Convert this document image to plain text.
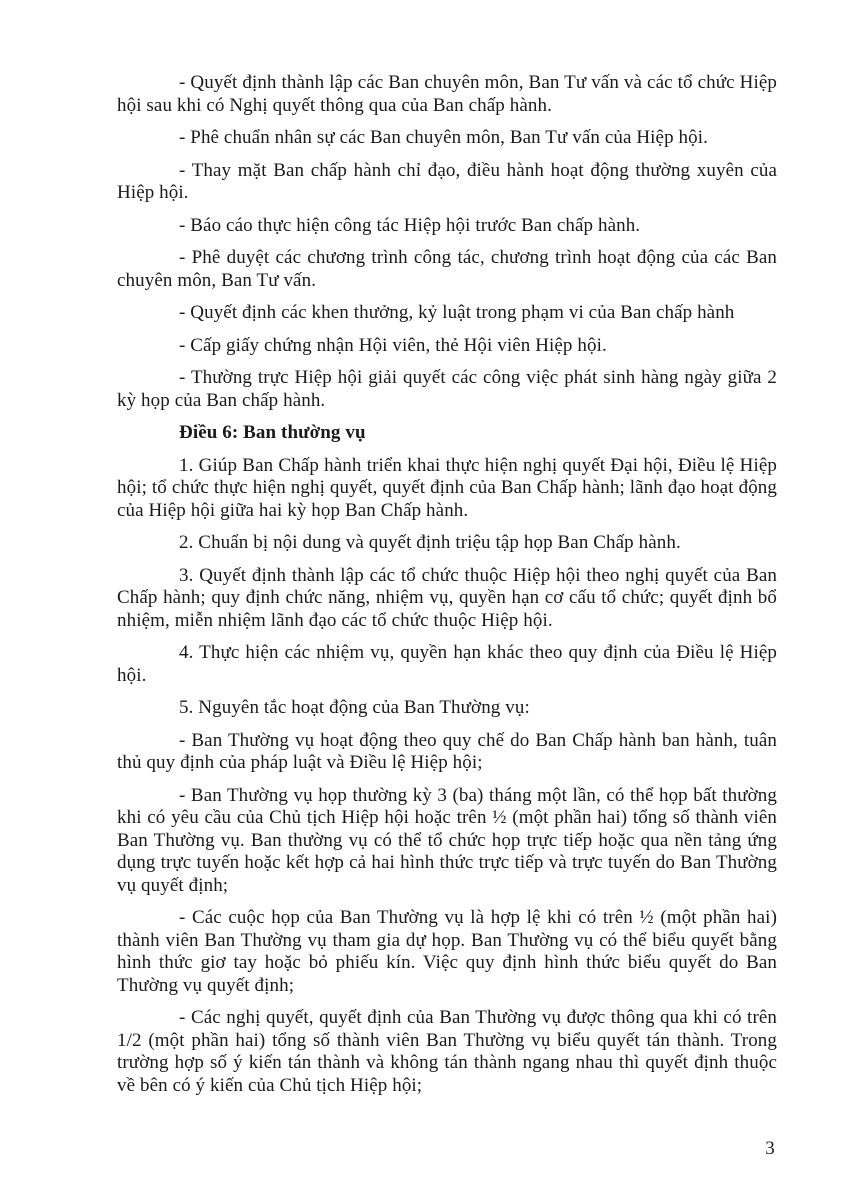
- Quyết định thành lập các Ban chuyên môn, Ban Tư vấn và các tổ chức Hiệp hội sau khi có Nghị quyết thông qua của Ban chấp hành.

- Phê chuẩn nhân sự các Ban chuyên môn, Ban Tư vấn của Hiệp hội.

- Thay mặt Ban chấp hành chỉ đạo, điều hành hoạt động thường xuyên của Hiệp hội.

- Báo cáo thực hiện công tác Hiệp hội trước Ban chấp hành.

- Phê duyệt các chương trình công tác, chương trình hoạt động của các Ban chuyên môn, Ban Tư vấn.

- Quyết định các khen thưởng, kỷ luật trong phạm vi của Ban chấp hành

- Cấp giấy chứng nhận Hội viên, thẻ Hội viên Hiệp hội.

- Thường trực Hiệp hội giải quyết các công việc phát sinh hàng ngày giữa 2 kỳ họp của Ban chấp hành.

Điều 6: Ban thường vụ

1. Giúp Ban Chấp hành triển khai thực hiện nghị quyết Đại hội, Điều lệ Hiệp hội; tổ chức thực hiện nghị quyết, quyết định của Ban Chấp hành; lãnh đạo hoạt động của Hiệp hội giữa hai kỳ họp Ban Chấp hành.

2. Chuẩn bị nội dung và quyết định triệu tập họp Ban Chấp hành.

3. Quyết định thành lập các tổ chức thuộc Hiệp hội theo nghị quyết của Ban Chấp hành; quy định chức năng, nhiệm vụ, quyền hạn cơ cấu tổ chức; quyết định bổ nhiệm, miễn nhiệm lãnh đạo các tổ chức thuộc Hiệp hội.

4. Thực hiện các nhiệm vụ, quyền hạn khác theo quy định của Điều lệ Hiệp hội.

5. Nguyên tắc hoạt động của Ban Thường vụ:

- Ban Thường vụ hoạt động theo quy chế do Ban Chấp hành ban hành, tuân thủ quy định của pháp luật và Điều lệ Hiệp hội;

- Ban Thường vụ họp thường kỳ 3 (ba) tháng một lần, có thể họp bất thường khi có yêu cầu của Chủ tịch Hiệp hội hoặc trên ½ (một phần hai) tổng số thành viên Ban Thường vụ. Ban thường vụ có thể tổ chức họp trực tiếp hoặc qua nền tảng ứng dụng trực tuyến hoặc kết hợp cả hai hình thức trực tiếp và trực tuyến do Ban Thường vụ quyết định;

- Các cuộc họp của Ban Thường vụ là hợp lệ khi có trên ½ (một phần hai) thành viên Ban Thường vụ tham gia dự họp. Ban Thường vụ có thể biểu quyết bằng hình thức giơ tay hoặc bỏ phiếu kín. Việc quy định hình thức biểu quyết do Ban Thường vụ quyết định;

- Các nghị quyết, quyết định của Ban Thường vụ được thông qua khi có trên 1/2 (một phần hai) tổng số thành viên Ban Thường vụ biểu quyết tán thành. Trong trường hợp số ý kiến tán thành và không tán thành ngang nhau thì quyết định thuộc về bên có ý kiến của Chủ tịch Hiệp hội;

3
